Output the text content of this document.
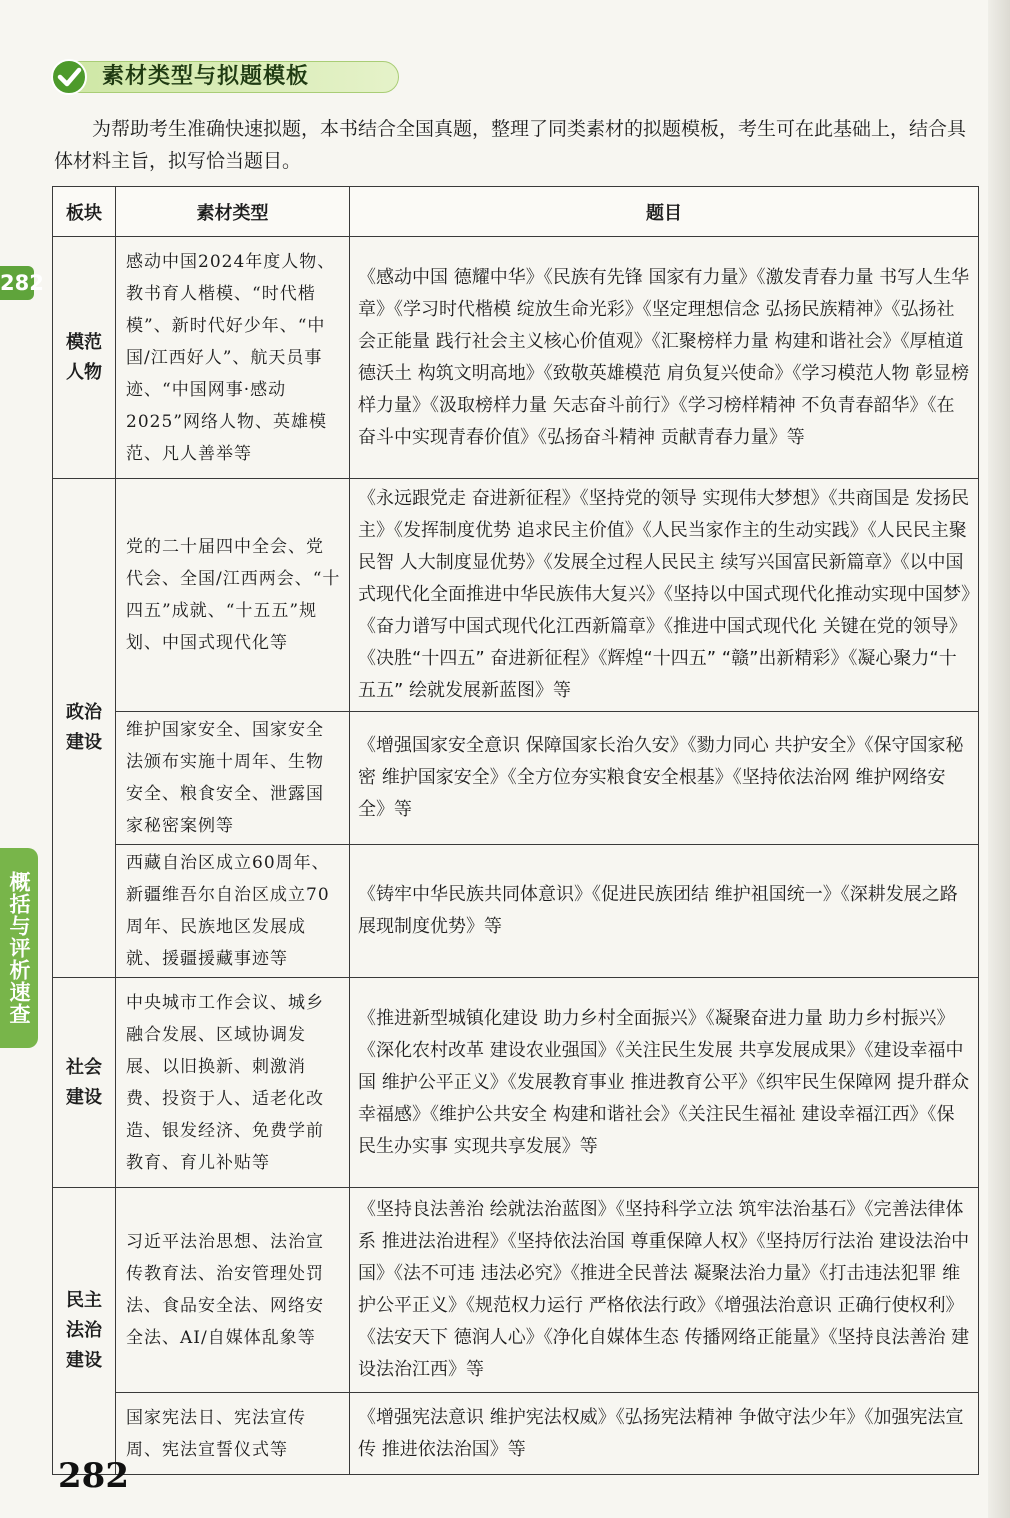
素材类型与拟题模板

为帮助考生准确快速拟题，本书结合全国真题，整理了同类素材的拟题模板，考生可在此基础上，结合具体材料主旨，拟写恰当题目。

282
概括与评析速查
板块	素材类型	题目

模范人物	感动中国2024年度人物、教书育人楷模、“时代楷模”、新时代好少年、“中国/江西好人”、航天员事迹、“中国网事·感动2025”网络人物、英雄模范、凡人善举等	《感动中国 德耀中华》《民族有先锋 国家有力量》《激发青春力量 书写人生华章》《学习时代楷模 绽放生命光彩》《坚定理想信念 弘扬民族精神》《弘扬社会正能量 践行社会主义核心价值观》《汇聚榜样力量 构建和谐社会》《厚植道德沃土 构筑文明高地》《致敬英雄模范 肩负复兴使命》《学习模范人物 彰显榜样力量》《汲取榜样力量 矢志奋斗前行》《学习榜样精神 不负青春韶华》《在奋斗中实现青春价值》《弘扬奋斗精神 贡献青春力量》等

政治建设	党的二十届四中全会、党代会、全国/江西两会、“十四五”成就、“十五五”规划、中国式现代化等	《永远跟党走 奋进新征程》《坚持党的领导 实现伟大梦想》《共商国是 发扬民主》《发挥制度优势 追求民主价值》《人民当家作主的生动实践》《人民民主聚民智 人大制度显优势》《发展全过程人民民主 续写兴国富民新篇章》《以中国式现代化全面推进中华民族伟大复兴》《坚持以中国式现代化推动实现中国梦》《奋力谱写中国式现代化江西新篇章》《推进中国式现代化 关键在党的领导》《决胜“十四五” 奋进新征程》《辉煌“十四五” “赣”出新精彩》《凝心聚力“十五五” 绘就发展新蓝图》等
	维护国家安全、国家安全法颁布实施十周年、生物安全、粮食安全、泄露国家秘密案例等	《增强国家安全意识 保障国家长治久安》《勠力同心 共护安全》《保守国家秘密 维护国家安全》《全方位夯实粮食安全根基》《坚持依法治网 维护网络安全》等
	西藏自治区成立60周年、新疆维吾尔自治区成立70周年、民族地区发展成就、援疆援藏事迹等	《铸牢中华民族共同体意识》《促进民族团结 维护祖国统一》《深耕发展之路 展现制度优势》等

社会建设	中央城市工作会议、城乡融合发展、区域协调发展、以旧换新、刺激消费、投资于人、适老化改造、银发经济、免费学前教育、育儿补贴等	《推进新型城镇化建设 助力乡村全面振兴》《凝聚奋进力量 助力乡村振兴》《深化农村改革 建设农业强国》《关注民生发展 共享发展成果》《建设幸福中国 维护公平正义》《发展教育事业 推进教育公平》《织牢民生保障网 提升群众幸福感》《维护公共安全 构建和谐社会》《关注民生福祉 建设幸福江西》《保民生办实事 实现共享发展》等

民主法治建设	习近平法治思想、法治宣传教育法、治安管理处罚法、食品安全法、网络安全法、AI/自媒体乱象等	《坚持良法善治 绘就法治蓝图》《坚持科学立法 筑牢法治基石》《完善法律体系 推进法治进程》《坚持依法治国 尊重保障人权》《坚持厉行法治 建设法治中国》《法不可违 违法必究》《推进全民普法 凝聚法治力量》《打击违法犯罪 维护公平正义》《规范权力运行 严格依法行政》《增强法治意识 正确行使权利》《法安天下 德润人心》《净化自媒体生态 传播网络正能量》《坚持良法善治 建设法治江西》等
	国家宪法日、宪法宣传周、宪法宣誓仪式等	《增强宪法意识 维护宪法权威》《弘扬宪法精神 争做守法少年》《加强宪法宣传 推进依法治国》等
282
